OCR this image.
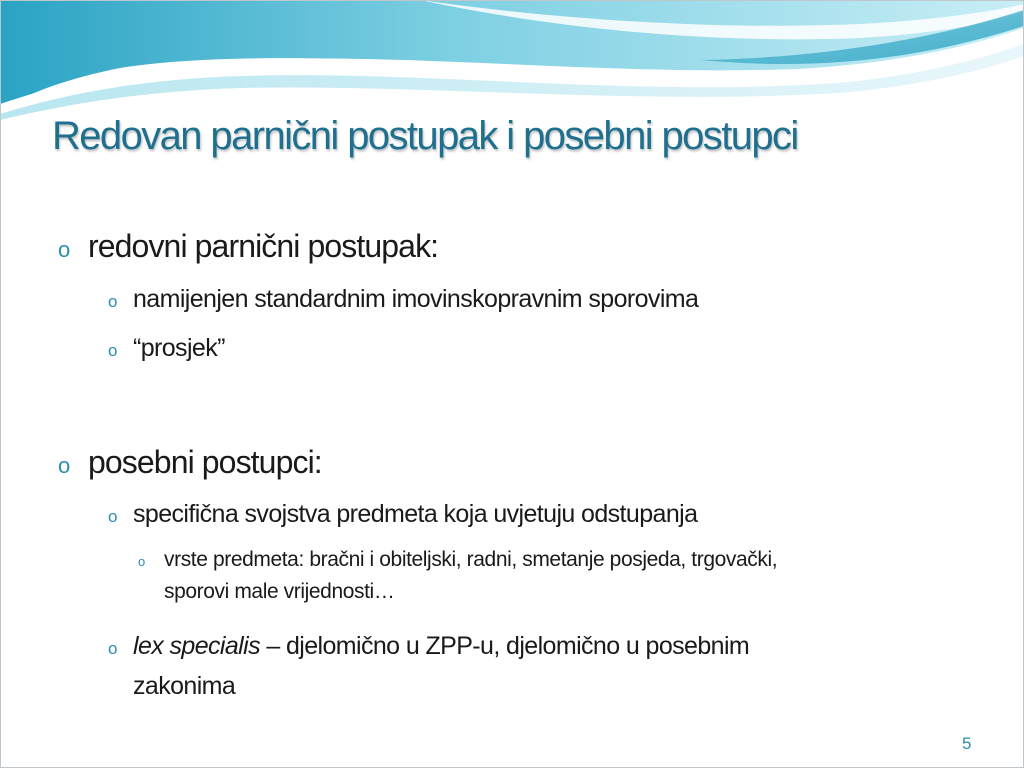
Redovan parnični postupak i posebni postupci
o redovni parnični postupak:
o namijenjen standardnim imovinskopravnim sporovima
o “prosjek”
o posebni postupci:
o specifična svojstva predmeta koja uvjetuju odstupanja
o vrste predmeta: bračni i obiteljski, radni, smetanje posjeda, trgovački,
sporovi male vrijednosti…
o lex specialis – djelomično u ZPP-u, djelomično u posebnim
zakonima
5
